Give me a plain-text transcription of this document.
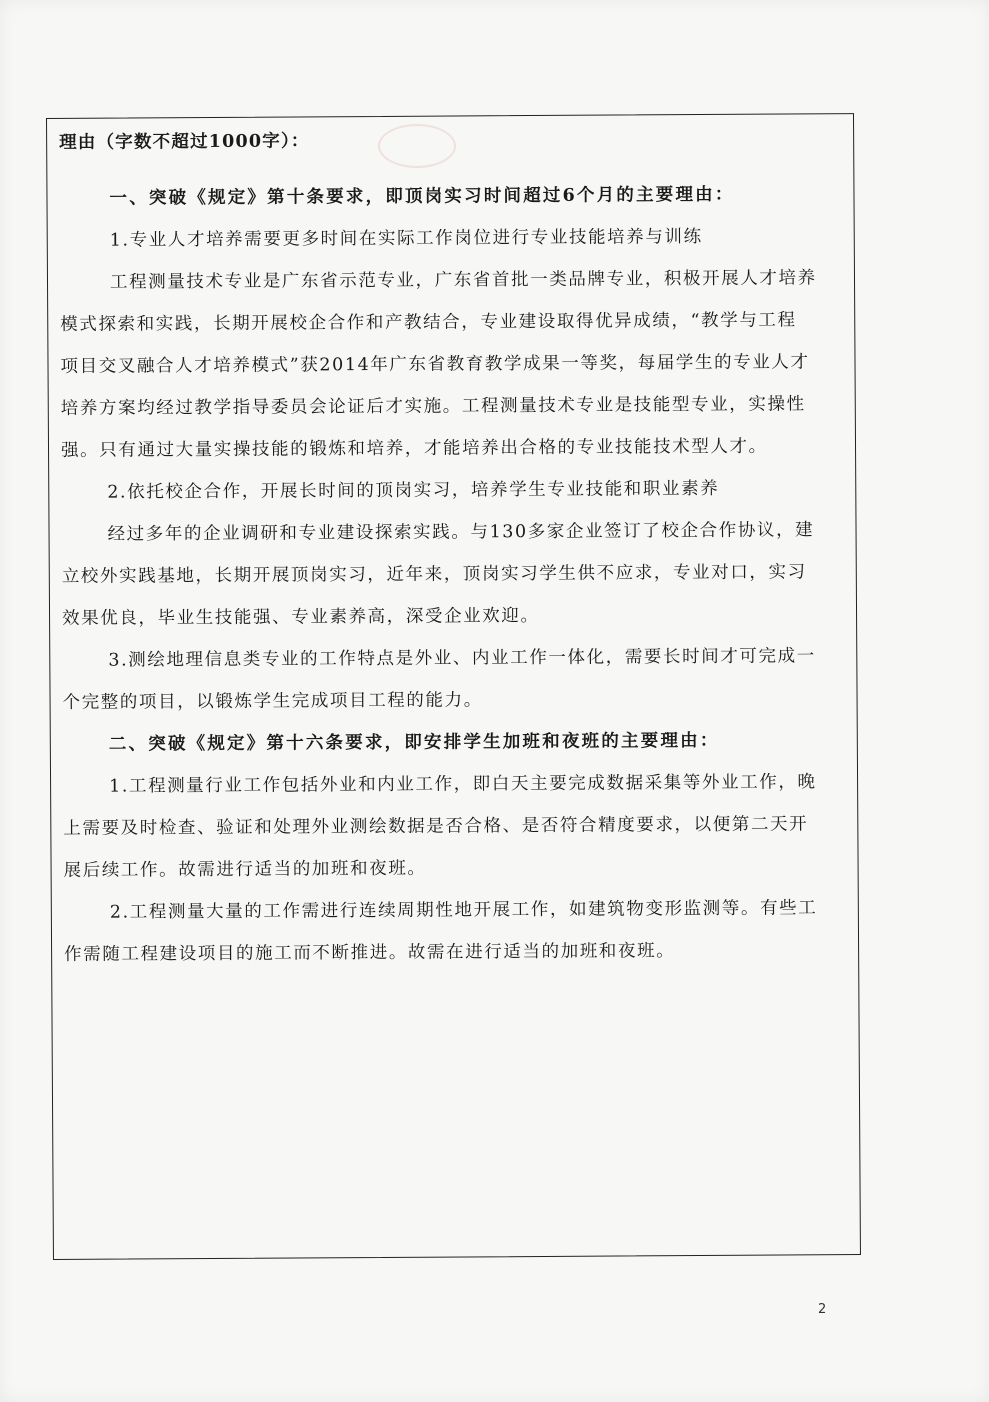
理由（字数不超过1000字）：

一、突破《规定》第十条要求，即顶岗实习时间超过6个月的主要理由：

1.专业人才培养需要更多时间在实际工作岗位进行专业技能培养与训练

工程测量技术专业是广东省示范专业，广东省首批一类品牌专业，积极开展人才培养

模式探索和实践，长期开展校企合作和产教结合，专业建设取得优异成绩，“教学与工程

项目交叉融合人才培养模式”获2014年广东省教育教学成果一等奖，每届学生的专业人才

培养方案均经过教学指导委员会论证后才实施。工程测量技术专业是技能型专业，实操性

强。只有通过大量实操技能的锻炼和培养，才能培养出合格的专业技能技术型人才。

2.依托校企合作，开展长时间的顶岗实习，培养学生专业技能和职业素养

经过多年的企业调研和专业建设探索实践。与130多家企业签订了校企合作协议，建

立校外实践基地，长期开展顶岗实习，近年来，顶岗实习学生供不应求，专业对口，实习

效果优良，毕业生技能强、专业素养高，深受企业欢迎。

3.测绘地理信息类专业的工作特点是外业、内业工作一体化，需要长时间才可完成一

个完整的项目，以锻炼学生完成项目工程的能力。

二、突破《规定》第十六条要求，即安排学生加班和夜班的主要理由：

1.工程测量行业工作包括外业和内业工作，即白天主要完成数据采集等外业工作，晚

上需要及时检查、验证和处理外业测绘数据是否合格、是否符合精度要求，以便第二天开

展后续工作。故需进行适当的加班和夜班。

2.工程测量大量的工作需进行连续周期性地开展工作，如建筑物变形监测等。有些工

作需随工程建设项目的施工而不断推进。故需在进行适当的加班和夜班。

2
